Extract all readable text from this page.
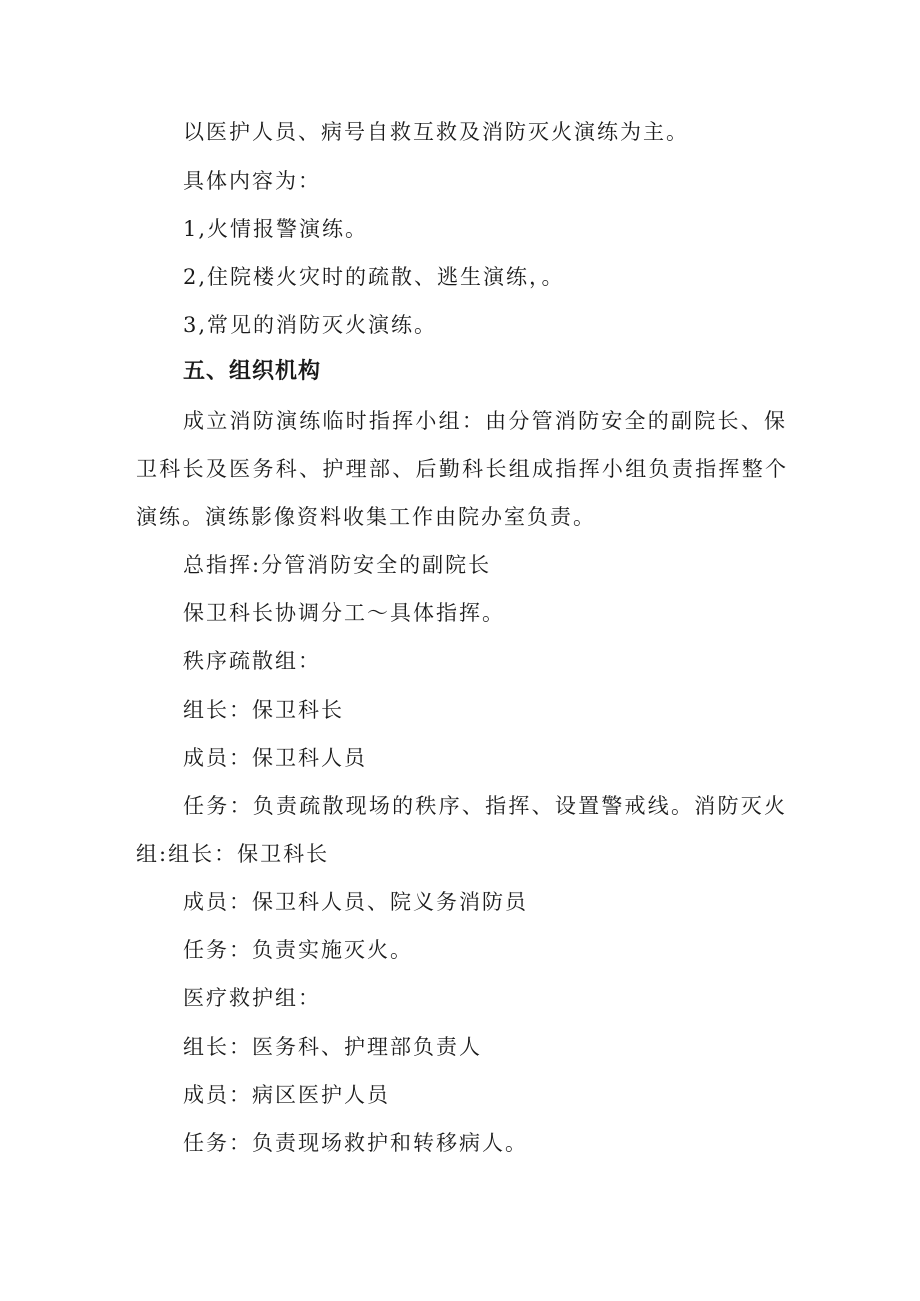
以医护人员、病号自救互救及消防灭火演练为主。
具体内容为：
1,火情报警演练。
2,住院楼火灾时的疏散、逃生演练，。
3,常见的消防灭火演练。
五、组织机构
成立消防演练临时指挥小组：由分管消防安全的副院长、保
卫科长及医务科、护理部、后勤科长组成指挥小组负责指挥整个
演练。演练影像资料收集工作由院办室负责。
总指挥:分管消防安全的副院长
保卫科长协调分工～具体指挥。
秩序疏散组：
组长：保卫科长
成员：保卫科人员
任务：负责疏散现场的秩序、指挥、设置警戒线。消防灭火
组:组长：保卫科长
成员：保卫科人员、院义务消防员
任务：负责实施灭火。
医疗救护组：
组长：医务科、护理部负责人
成员：病区医护人员
任务：负责现场救护和转移病人。
